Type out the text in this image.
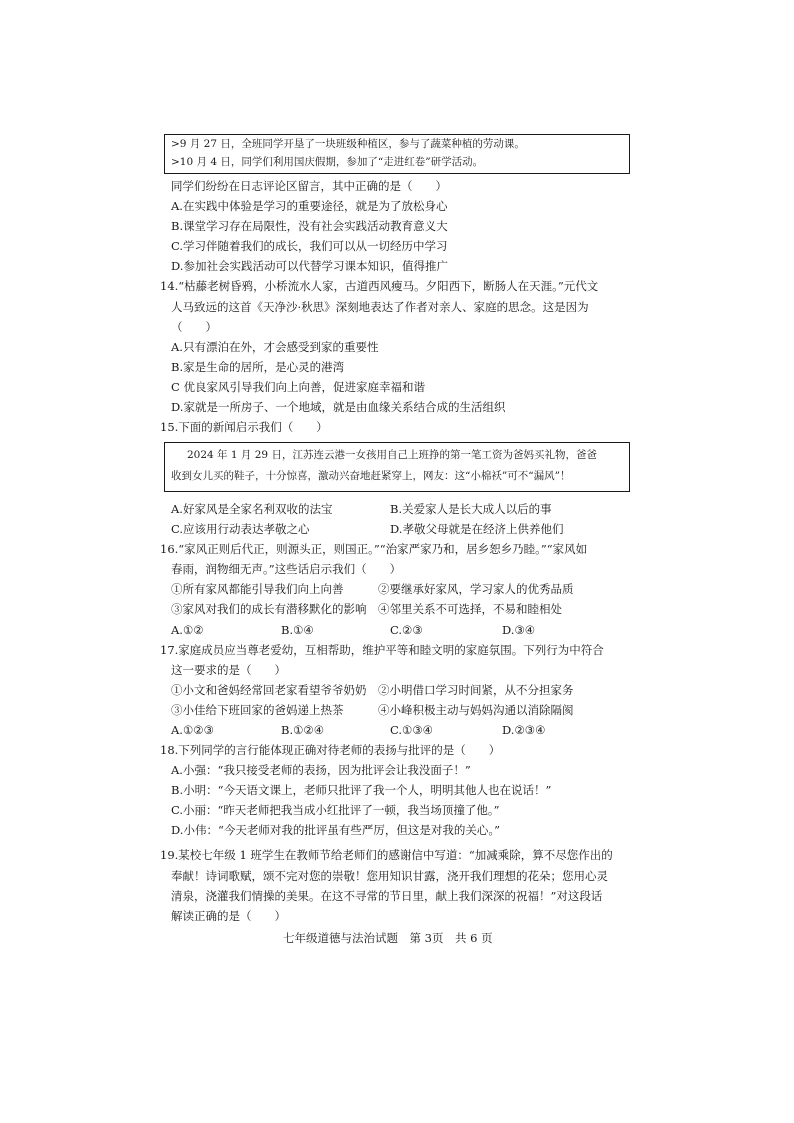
>9 月 27 日，全班同学开垦了一块班级种植区，参与了蔬菜种植的劳动课。
>10 月 4 日，同学们利用国庆假期，参加了“走进红卷”研学活动。
同学们纷纷在日志评论区留言，其中正确的是（　　）
A.在实践中体验是学习的重要途径，就是为了放松身心
B.课堂学习存在局限性，没有社会实践活动教育意义大
C.学习伴随着我们的成长，我们可以从一切经历中学习
D.参加社会实践活动可以代替学习课本知识，值得推广
14.“枯藤老树昏鸦，小桥流水人家，古道西风瘦马。夕阳西下，断肠人在天涯。”元代文
人马致远的这首《天净沙·秋思》深刻地表达了作者对亲人、家庭的思念。这是因为
（　　）
A.只有漂泊在外，才会感受到家的重要性
B.家是生命的居所，是心灵的港湾
C 优良家风引导我们向上向善，促进家庭幸福和谐
D.家就是一所房子、一个地域，就是由血缘关系结合成的生活组织
15.下面的新闻启示我们（　　）
2024 年 1 月 29 日，江苏连云港一女孩用自己上班挣的第一笔工资为爸妈买礼物，爸爸
收到女儿买的鞋子，十分惊喜，激动兴奋地赶紧穿上，网友：这“小棉袄”可不“漏风”！
A.好家风是全家名利双收的法宝	B.关爱家人是长大成人以后的事
C.应该用行动表达孝敬之心	D.孝敬父母就是在经济上供养他们
16.“家风正则后代正，则源头正，则国正。”“治家严家乃和，居乡恕乡乃睦。”“家风如
春雨，润物细无声。”这些话启示我们（　　）
①所有家风都能引导我们向上向善	②要继承好家风，学习家人的优秀品质
③家风对我们的成长有潜移默化的影响 ④邻里关系不可选择，不易和睦相处
A.①②	B.①④	C.②③	D.③④
17.家庭成员应当尊老爱幼，互相帮助，维护平等和睦文明的家庭氛围。下列行为中符合
这一要求的是（　　）
①小文和爸妈经常回老家看望爷爷奶奶 ②小明借口学习时间紧，从不分担家务
③小佳给下班回家的爸妈递上热茶	④小峰积极主动与妈妈沟通以消除隔阂
A.①②③	B.①②④	C.①③④	D.②③④
18.下列同学的言行能体现正确对待老师的表扬与批评的是（　　）
A.小强：“我只接受老师的表扬，因为批评会让我没面子！”
B.小明：“今天语文课上，老师只批评了我一个人，明明其他人也在说话！”
C.小丽：“昨天老师把我当成小红批评了一顿，我当场顶撞了他。”
D.小伟：“今天老师对我的批评虽有些严厉，但这是对我的关心。”
19.某校七年级 1 班学生在教师节给老师们的感谢信中写道：“加减乘除，算不尽您作出的
奉献！诗词歌赋，颂不完对您的崇敬！您用知识甘露，浇开我们理想的花朵；您用心灵
清泉，浇灌我们情操的美果。在这不寻常的节日里，献上我们深深的祝福！”对这段话
解读正确的是（　　）
七年级道德与法治试题　第 3页　共 6 页
